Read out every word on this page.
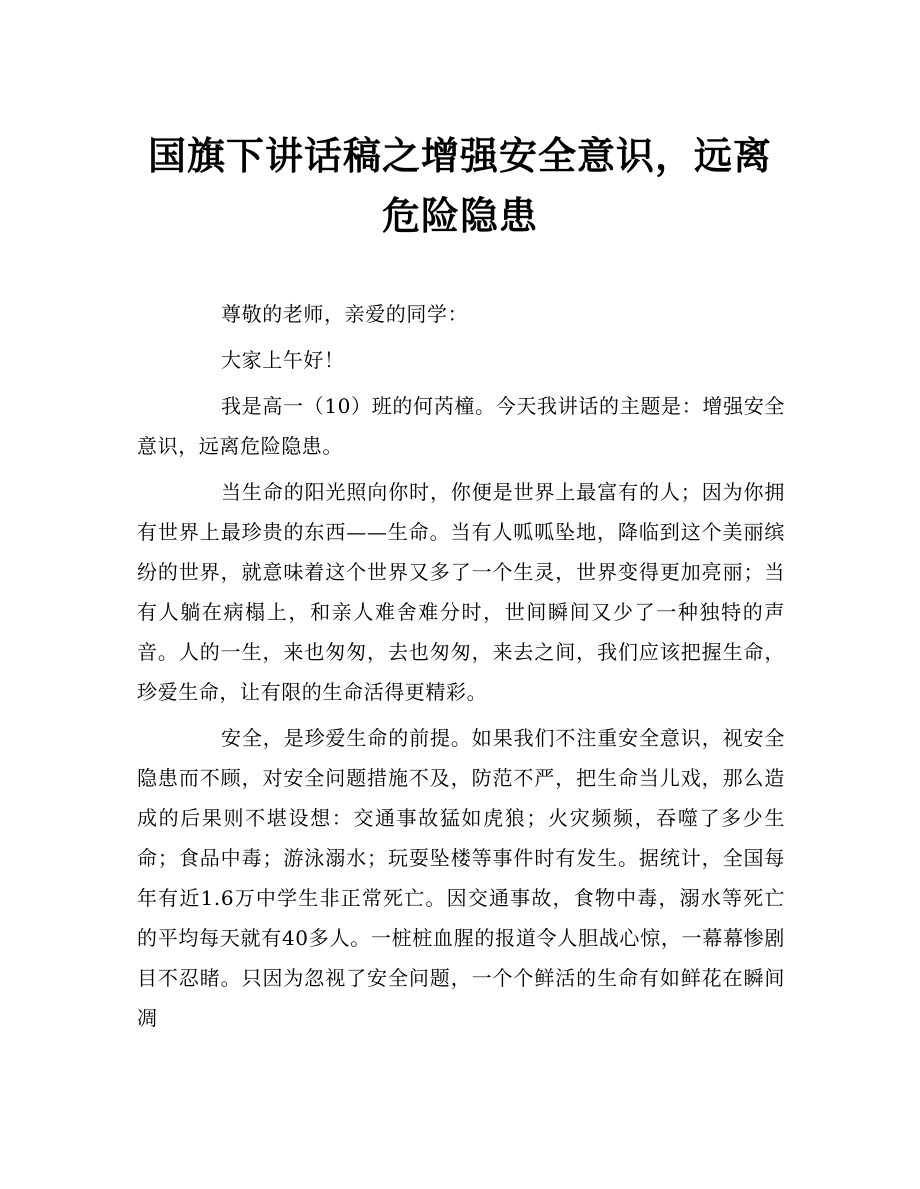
国旗下讲话稿之增强安全意识，远离危险隐患

尊敬的老师，亲爱的同学：

大家上午好！

我是高一（10）班的何芮橦。今天我讲话的主题是：增强安全意识，远离危险隐患。

当生命的阳光照向你时，你便是世界上最富有的人；因为你拥有世界上最珍贵的东西——生命。当有人呱呱坠地，降临到这个美丽缤纷的世界，就意味着这个世界又多了一个生灵，世界变得更加亮丽；当有人躺在病榻上，和亲人难舍难分时，世间瞬间又少了一种独特的声音。人的一生，来也匆匆，去也匆匆，来去之间，我们应该把握生命，珍爱生命，让有限的生命活得更精彩。

安全，是珍爱生命的前提。如果我们不注重安全意识，视安全隐患而不顾，对安全问题措施不及，防范不严，把生命当儿戏，那么造成的后果则不堪设想：交通事故猛如虎狼；火灾频频，吞噬了多少生命；食品中毒；游泳溺水；玩耍坠楼等事件时有发生。据统计，全国每年有近1.6万中学生非正常死亡。因交通事故，食物中毒，溺水等死亡的平均每天就有40多人。一桩桩血腥的报道令人胆战心惊，一幕幕惨剧目不忍睹。只因为忽视了安全问题，一个个鲜活的生命有如鲜花在瞬间凋
